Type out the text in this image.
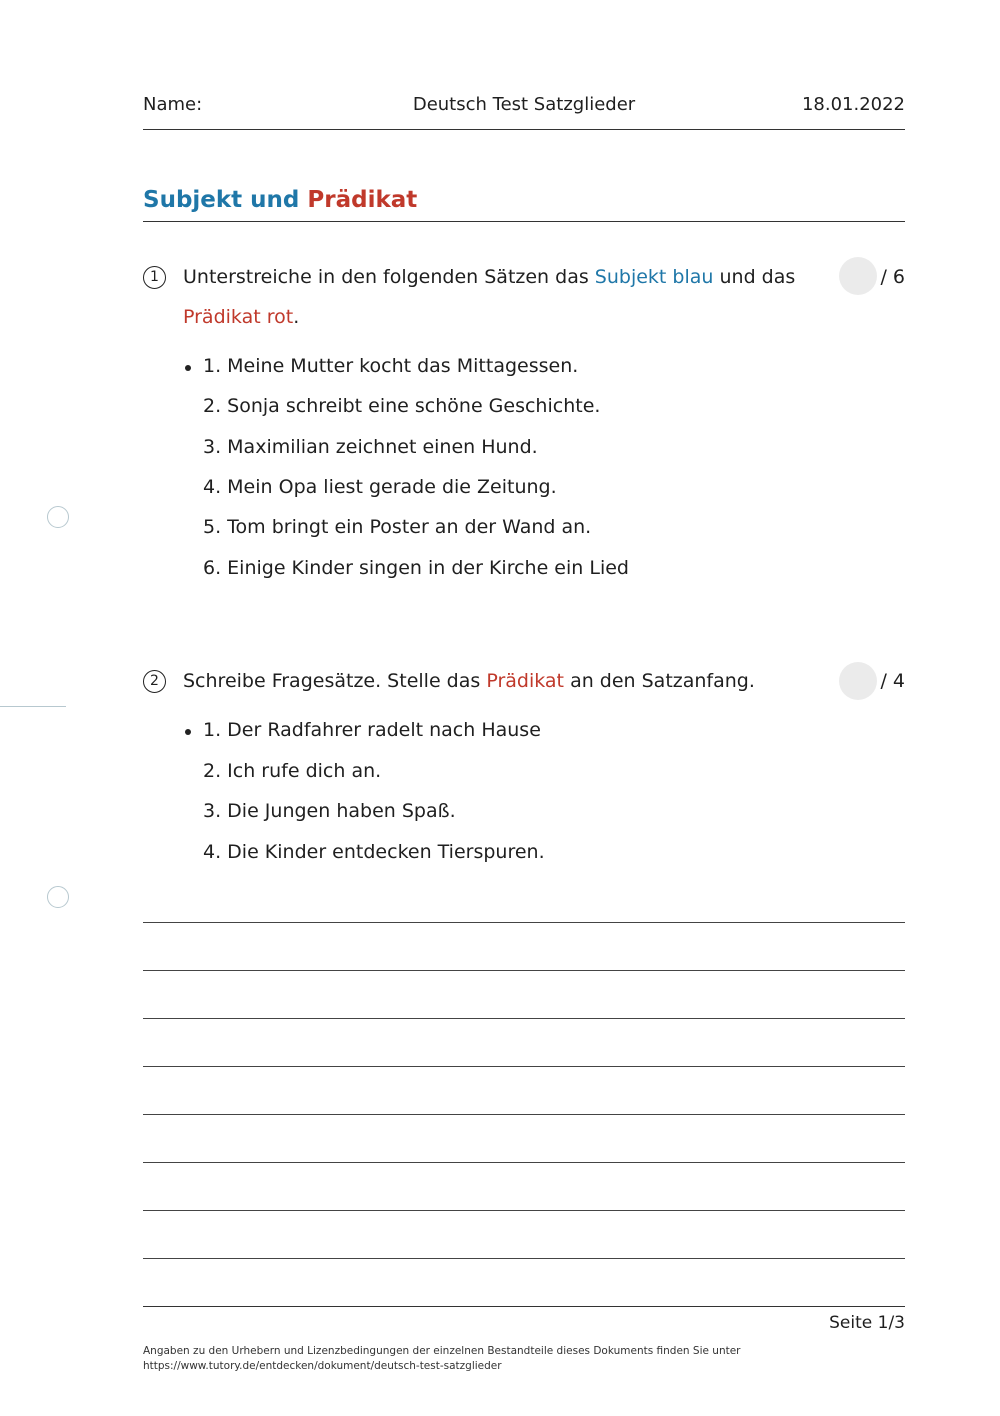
Name:	Deutsch Test Satzglieder	18.01.2022
Subjekt und Prädikat
1	Unterstreiche in den folgenden Sätzen das Subjekt blau und das Prädikat rot.
/ 6
1. Meine Mutter kocht das Mittagessen.
2. Sonja schreibt eine schöne Geschichte.
3. Maximilian zeichnet einen Hund.
4. Mein Opa liest gerade die Zeitung.
5. Tom bringt ein Poster an der Wand an.
6. Einige Kinder singen in der Kirche ein Lied
2	Schreibe Fragesätze. Stelle das Prädikat an den Satzanfang.	/ 4
1. Der Radfahrer radelt nach Hause
2. Ich rufe dich an.
3. Die Jungen haben Spaß.
4. Die Kinder entdecken Tierspuren.
Seite 1/3
Angaben zu den Urhebern und Lizenzbedingungen der einzelnen Bestandteile dieses Dokuments finden Sie unter
https://www.tutory.de/entdecken/dokument/deutsch-test-satzglieder
